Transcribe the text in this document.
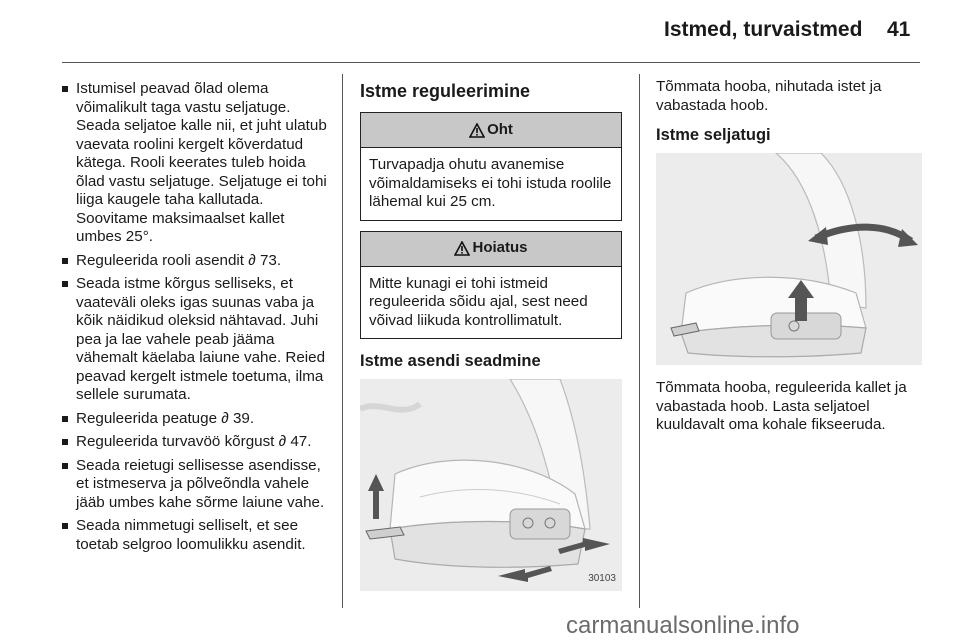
Istmed, turvaistmed 41
Istumisel peavad õlad olema võimalikult taga vastu seljatuge. Seada seljatoe kalle nii, et juht ulatub vaevata roolini kergelt kõverdatud kätega. Rooli keerates tuleb hoida õlad vastu seljatuge. Seljatuge ei tohi liiga kaugele taha kallutada. Soovitame maksimaalset kallet umbes 25°.
Reguleerida rooli asendit ∂ 73.
Seada istme kõrgus selliseks, et vaateväli oleks igas suunas vaba ja kõik näidikud oleksid nähtavad. Juhi pea ja lae vahele peab jääma vähemalt käelaba laiune vahe. Reied peavad kergelt istmele toetuma, ilma sellele surumata.
Reguleerida peatuge ∂ 39.
Reguleerida turvavöö kõrgust ∂ 47.
Seada reietugi sellisesse asendisse, et istmeserva ja põlveõndla vahele jääb umbes kahe sõrme laiune vahe.
Seada nimmetugi selliselt, et see toetab selgroo loomulikku asendit.
Istme reguleerimine
Oht
Turvapadja ohutu avanemise võimaldamiseks ei tohi istuda roolile lähemal kui 25 cm.
Hoiatus
Mitte kunagi ei tohi istmeid reguleerida sõidu ajal, sest need võivad liikuda kontrollimatult.
Istme asendi seadmine
30103

Tõmmata hooba, nihutada istet ja vabastada hoob.

Istme seljatugi

Tõmmata hooba, reguleerida kallet ja vabastada hoob. Lasta seljatoel kuuldavalt oma kohale fikseeruda.

carmanualsonline.info
